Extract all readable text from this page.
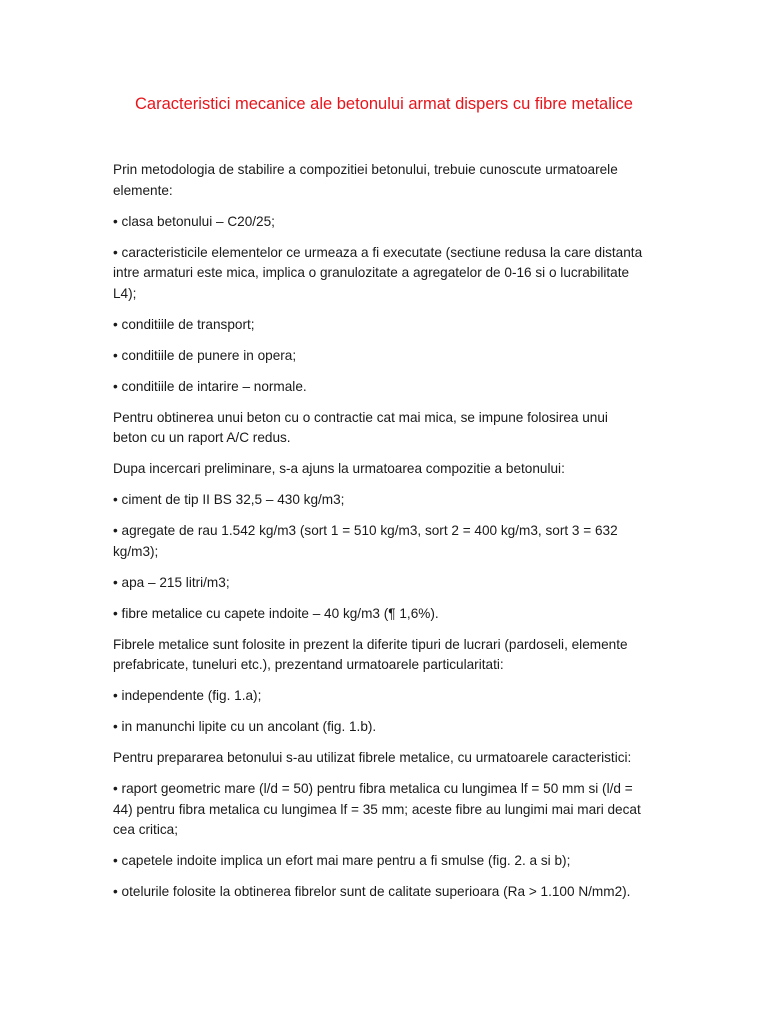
Caracteristici mecanice ale betonului armat dispers cu fibre metalice

Prin metodologia de stabilire a compozitiei betonului, trebuie cunoscute urmatoarele elemente:

• clasa betonului – C20/25;

• caracteristicile elementelor ce urmeaza a fi executate (sectiune redusa la care distanta intre armaturi este mica, implica o granulozitate a agregatelor de 0-16 si o lucrabilitate L4);

• conditiile de transport;

• conditiile de punere in opera;

• conditiile de intarire – normale.

Pentru obtinerea unui beton cu o contractie cat mai mica, se impune folosirea unui beton cu un raport A/C redus.

Dupa incercari preliminare, s-a ajuns la urmatoarea compozitie a betonului:

• ciment de tip II BS 32,5 – 430 kg/m3;

• agregate de rau 1.542 kg/m3 (sort 1 = 510 kg/m3, sort 2 = 400 kg/m3, sort 3 = 632 kg/m3);

• apa – 215 litri/m3;

• fibre metalice cu capete indoite – 40 kg/m3 (¶ 1,6%).

Fibrele metalice sunt folosite in prezent la diferite tipuri de lucrari (pardoseli, elemente prefabricate, tuneluri etc.), prezentand urmatoarele particularitati:

• independente (fig. 1.a);

• in manunchi lipite cu un ancolant (fig. 1.b).

Pentru prepararea betonului s-au utilizat fibrele metalice, cu urmatoarele caracteristici:

• raport geometric mare (l/d = 50) pentru fibra metalica cu lungimea lf = 50 mm si (l/d = 44) pentru fibra metalica cu lungimea lf = 35 mm; aceste fibre au lungimi mai mari decat cea critica;

• capetele indoite implica un efort mai mare pentru a fi smulse (fig. 2. a si b);

• otelurile folosite la obtinerea fibrelor sunt de calitate superioara (Ra > 1.100 N/mm2).
